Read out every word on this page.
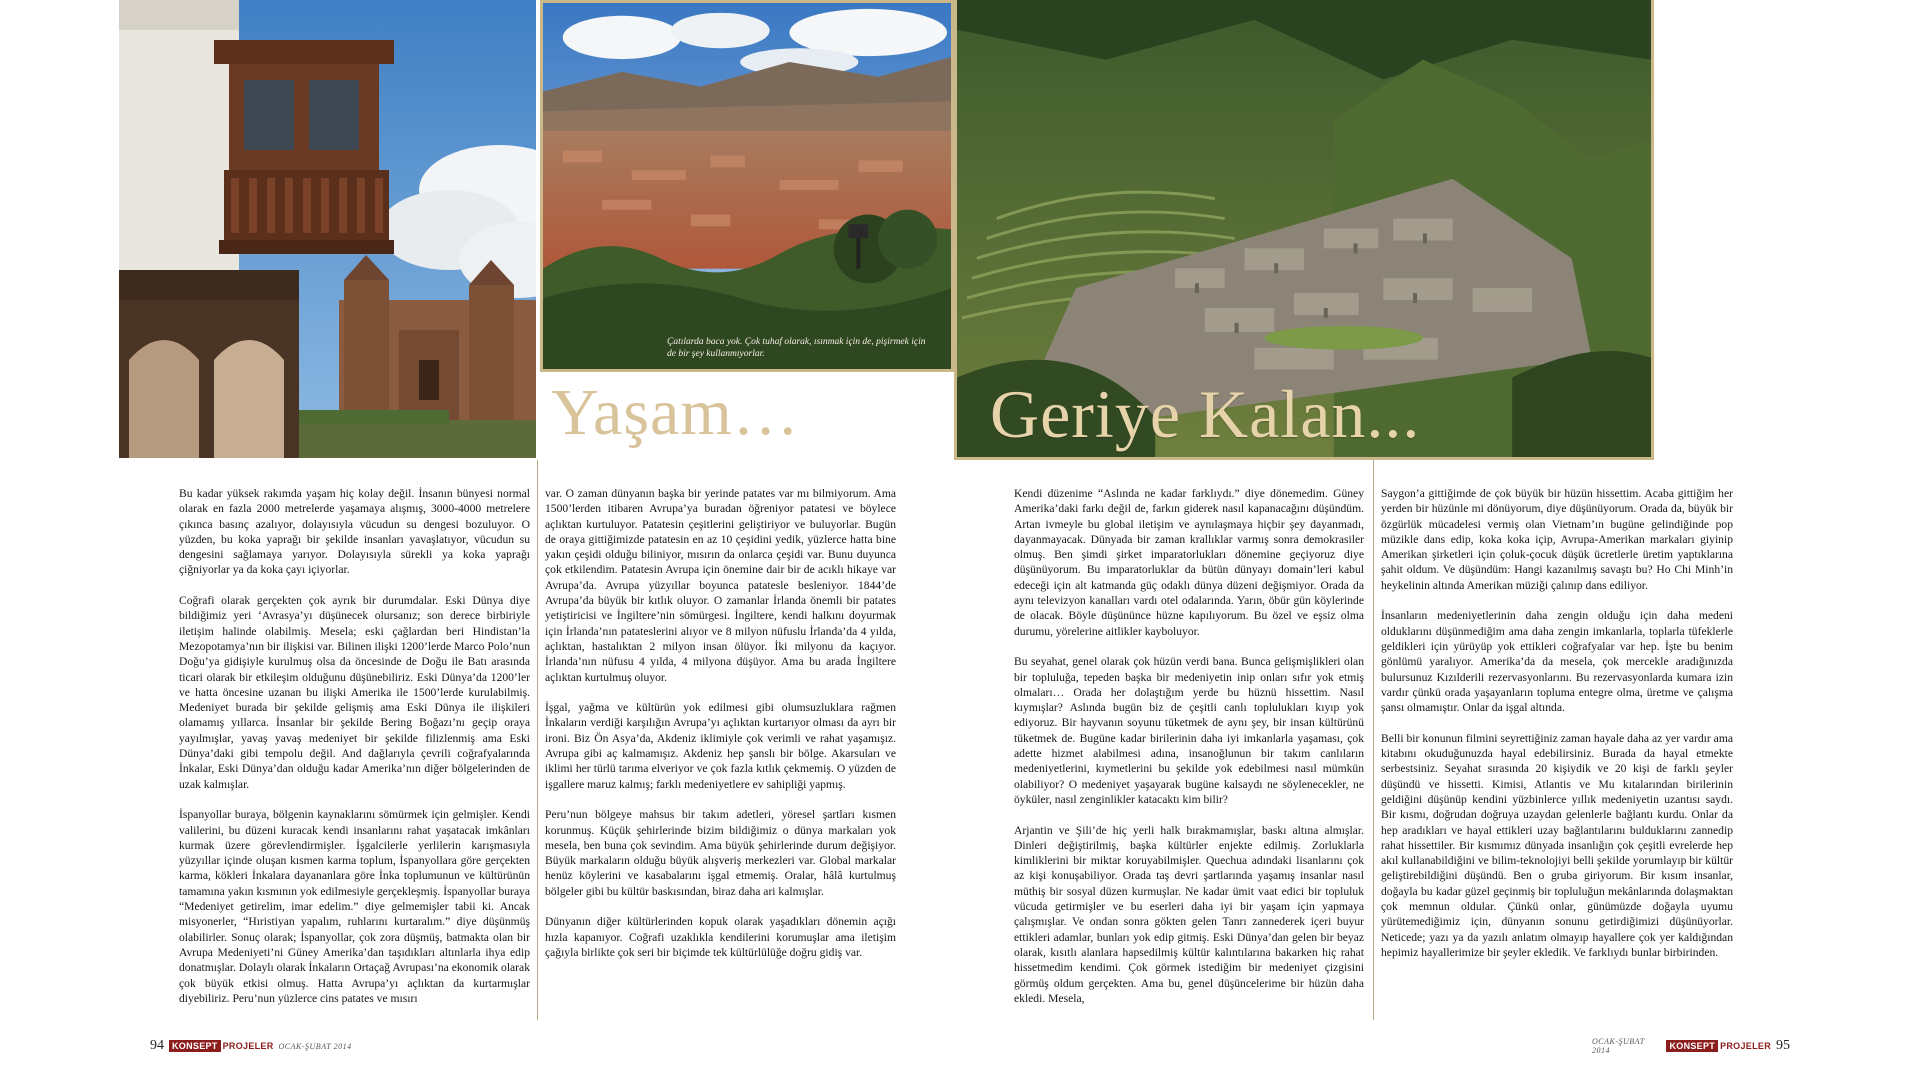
Çatılarda baca yok. Çok tuhaf olarak, ısınmak için de, pişirmek için de bir şey kullanmıyorlar.

Yaşam…

Bu kadar yüksek rakımda yaşam hiç kolay değil. İnsanın bünyesi normal olarak en fazla 2000 metrelerde yaşamaya alışmış, 3000-4000 metrelere çıkınca basınç azalıyor, dolayısıyla vücudun su dengesi bozuluyor. O yüzden, bu koka yaprağı bir şekilde insanları yavaşlatıyor, vücudun su dengesini sağlamaya yarıyor. Dolayısıyla sürekli ya koka yaprağı çiğniyorlar ya da koka çayı içiyorlar.

Coğrafi olarak gerçekten çok ayrık bir durumdalar. Eski Dünya diye bildiğimiz yeri ‘Avrasya’yı düşünecek olursanız; son derece birbiriyle iletişim halinde olabilmiş. Mesela; eski çağlardan beri Hindistan’la Mezopotamya’nın bir ilişkisi var. Bilinen ilişki 1200’lerde Marco Polo’nun Doğu’ya gidişiyle kurulmuş olsa da öncesinde de Doğu ile Batı arasında ticari olarak bir etkileşim olduğunu düşünebiliriz. Eski Dünya’da 1200’ler ve hatta öncesine uzanan bu ilişki Amerika ile 1500’lerde kurulabilmiş. Medeniyet burada bir şekilde gelişmiş ama Eski Dünya ile ilişkileri olamamış yıllarca. İnsanlar bir şekilde Bering Boğazı’nı geçip oraya yayılmışlar, yavaş yavaş medeniyet bir şekilde filizlenmiş ama Eski Dünya’daki gibi tempolu değil. And dağlarıyla çevrili coğrafyalarında İnkalar, Eski Dünya’dan olduğu kadar Amerika’nın diğer bölgelerinden de uzak kalmışlar.

İspanyollar buraya, bölgenin kaynaklarını sömürmek için gelmişler. Kendi valilerini, bu düzeni kuracak kendi insanlarını rahat yaşatacak imkânları kurmak üzere görevlendirmişler. İşgalcilerle yerlilerin karışmasıyla yüzyıllar içinde oluşan kısmen karma toplum, İspanyollara göre gerçekten karma, kökleri İnkalara dayananlara göre İnka toplumunun ve kültürünün tamamına yakın kısmının yok edilmesiyle gerçekleşmiş. İspanyollar buraya “Medeniyet getirelim, imar edelim.” diye gelmemişler tabii ki. Ancak misyonerler, “Hıristiyan yapalım, ruhlarını kurtaralım.” diye düşünmüş olabilirler. Sonuç olarak; İspanyollar, çok zora düşmüş, batmakta olan bir Avrupa Medeniyeti’ni Güney Amerika’dan taşıdıkları altınlarla ihya edip donatmışlar. Dolaylı olarak İnkaların Ortaçağ Avrupası’na ekonomik olarak çok büyük etkisi olmuş. Hatta Avrupa’yı açlıktan da kurtarmışlar diyebiliriz. Peru’nun yüzlerce cins patates ve mısırı

var. O zaman dünyanın başka bir yerinde patates var mı bilmiyorum. Ama 1500’lerden itibaren Avrupa’ya buradan öğreniyor patatesi ve böylece açlıktan kurtuluyor. Patatesin çeşitlerini geliştiriyor ve buluyorlar. Bugün de oraya gittiğimizde patatesin en az 10 çeşidini yedik, yüzlerce hatta bine yakın çeşidi olduğu biliniyor, mısırın da onlarca çeşidi var. Bunu duyunca çok etkilendim. Patatesin Avrupa için önemine dair bir de acıklı hikaye var Avrupa’da. Avrupa yüzyıllar boyunca patatesle besleniyor. 1844’de Avrupa’da büyük bir kıtlık oluyor. O zamanlar İrlanda önemli bir patates yetiştiricisi ve İngiltere’nin sömürgesi. İngiltere, kendi halkını doyurmak için İrlanda’nın patateslerini alıyor ve 8 milyon nüfuslu İrlanda’da 4 yılda, açlıktan, hastalıktan 2 milyon insan ölüyor. İki milyonu da kaçıyor. İrlanda’nın nüfusu 4 yılda, 4 milyona düşüyor. Ama bu arada İngiltere açlıktan kurtulmuş oluyor.

İşgal, yağma ve kültürün yok edilmesi gibi olumsuzluklara rağmen İnkaların verdiği karşılığın Avrupa’yı açlıktan kurtarıyor olması da ayrı bir ironi. Biz Ön Asya’da, Akdeniz iklimiyle çok verimli ve rahat yaşamışız. Avrupa gibi aç kalmamışız. Akdeniz hep şanslı bir bölge. Akarsuları ve iklimi her türlü tarıma elveriyor ve çok fazla kıtlık çekmemiş. O yüzden de işgallere maruz kalmış; farklı medeniyetlere ev sahipliği yapmış.

Peru’nun bölgeye mahsus bir takım adetleri, yöresel şartları kısmen korunmuş. Küçük şehirlerinde bizim bildiğimiz o dünya markaları yok mesela, ben buna çok sevindim. Ama büyük şehirlerinde durum değişiyor. Büyük markaların olduğu büyük alışveriş merkezleri var. Global markalar henüz köylerini ve kasabalarını işgal etmemiş. Oralar, hâlâ kurtulmuş bölgeler gibi bu kültür baskısından, biraz daha ari kalmışlar.

Dünyanın diğer kültürlerinden kopuk olarak yaşadıkları dönemin açığı hızla kapanıyor. Coğrafi uzaklıkla kendilerini korumuşlar ama iletişim çağıyla birlikte çok seri bir biçimde tek kültürlülüğe doğru gidiş var.

94 KONSEPT PROJELER OCAK-ŞUBAT 2014
Geriye Kalan...

Kendi düzenime “Aslında ne kadar farklıydı.” diye dönemedim. Güney Amerika’daki farkı değil de, farkın giderek nasıl kapanacağını düşündüm. Artan ivmeyle bu global iletişim ve aynılaşmaya hiçbir şey dayanmadı, dayanmayacak. Dünyada bir zaman krallıklar varmış sonra demokrasiler olmuş. Ben şimdi şirket imparatorlukları dönemine geçiyoruz diye düşünüyorum. Bu imparatorluklar da bütün dünyayı domain’leri kabul edeceği için alt katmanda güç odaklı dünya düzeni değişmiyor. Orada da aynı televizyon kanalları vardı otel odalarında. Yarın, öbür gün köylerinde de olacak. Böyle düşününce hüzne kapılıyorum. Bu özel ve eşsiz olma durumu, yörelerine aitlikler kayboluyor.

Bu seyahat, genel olarak çok hüzün verdi bana. Bunca gelişmişlikleri olan bir topluluğa, tepeden başka bir medeniyetin inip onları sıfır yok etmiş olmaları… Orada her dolaştığım yerde bu hüznü hissettim. Nasıl kıymışlar? Aslında bugün biz de çeşitli canlı toplulukları kıyıp yok ediyoruz. Bir hayvanın soyunu tüketmek de aynı şey, bir insan kültürünü tüketmek de. Bugüne kadar birilerinin daha iyi imkanlarla yaşaması, çok adette hizmet alabilmesi adına, insanoğlunun bir takım canlıların medeniyetlerini, kıymetlerini bu şekilde yok edebilmesi nasıl mümkün olabiliyor? O medeniyet yaşayarak bugüne kalsaydı ne söylenecekler, ne öyküler, nasıl zenginlikler katacaktı kim bilir?

Arjantin ve Şili’de hiç yerli halk bırakmamışlar, baskı altına almışlar. Dinleri değiştirilmiş, başka kültürler enjekte edilmiş. Zorluklarla kimliklerini bir miktar koruyabilmişler. Quechua adındaki lisanlarını çok az kişi konuşabiliyor. Orada taş devri şartlarında yaşamış insanlar nasıl müthiş bir sosyal düzen kurmuşlar. Ne kadar ümit vaat edici bir topluluk vücuda getirmişler ve bu eserleri daha iyi bir yaşam için yapmaya çalışmışlar. Ve ondan sonra gökten gelen Tanrı zannederek içeri buyur ettikleri adamlar, bunları yok edip gitmiş. Eski Dünya’dan gelen bir beyaz olarak, kısıtlı alanlara hapsedilmiş kültür kalıntılarına bakarken hiç rahat hissetmedim kendimi. Çok görmek istediğim bir medeniyet çizgisini görmüş oldum gerçekten. Ama bu, genel düşüncelerime bir hüzün daha ekledi. Mesela,

Saygon’a gittiğimde de çok büyük bir hüzün hissettim. Acaba gittiğim her yerden bir hüzünle mi dönüyorum, diye düşünüyorum. Orada da, büyük bir özgürlük mücadelesi vermiş olan Vietnam’ın bugüne gelindiğinde pop müzikle dans edip, koka koka içip, Avrupa-Amerikan markaları giyinip Amerikan şirketleri için çoluk-çocuk düşük ücretlerle üretim yaptıklarına şahit oldum. Ve düşündüm: Hangi kazanılmış savaştı bu? Ho Chi Minh’in heykelinin altında Amerikan müziği çalınıp dans ediliyor.

İnsanların medeniyetlerinin daha zengin olduğu için daha medeni olduklarını düşünmediğim ama daha zengin imkanlarla, toplarla tüfeklerle geldikleri için yürüyüp yok ettikleri coğrafyalar var hep. İşte bu benim gönlümü yaralıyor. Amerika’da da mesela, çok mercekle aradığınızda bulursunuz Kızılderili rezervasyonlarını. Bu rezervasyonlarda kumara izin vardır çünkü orada yaşayanların topluma entegre olma, üretme ve çalışma şansı olmamıştır. Onlar da işgal altında.

Belli bir konunun filmini seyrettiğiniz zaman hayale daha az yer vardır ama kitabını okuduğunuzda hayal edebilirsiniz. Burada da hayal etmekte serbestsiniz. Seyahat sırasında 20 kişiydik ve 20 kişi de farklı şeyler düşündü ve hissetti. Kimisi, Atlantis ve Mu kıtalarından birilerinin geldiğini düşünüp kendini yüzbinlerce yıllık medeniyetin uzantısı saydı. Bir kısmı, doğrudan doğruya uzaydan gelenlerle bağlantı kurdu. Onlar da hep aradıkları ve hayal ettikleri uzay bağlantılarını bulduklarını zannedip rahat hissettiler. Bir kısmımız dünyada insanlığın çok çeşitli evrelerde hep akıl kullanabildiğini ve bilim-teknolojiyi belli şekilde yorumlayıp bir kültür geliştirebildiğini düşündü. Ben o gruba giriyorum. Bir kısım insanlar, doğayla bu kadar güzel geçinmiş bir topluluğun mekânlarında dolaşmaktan çok memnun oldular. Çünkü onlar, günümüzde doğayla uyumu yürütemediğimiz için, dünyanın sonunu getirdiğimizi düşünüyorlar. Neticede; yazı ya da yazılı anlatım olmayıp hayallere çok yer kaldığından hepimiz hayallerimize bir şeyler ekledik. Ve farklıydı bunlar birbirinden.

OCAK-ŞUBAT 2014	KONSEPT PROJELER 95
